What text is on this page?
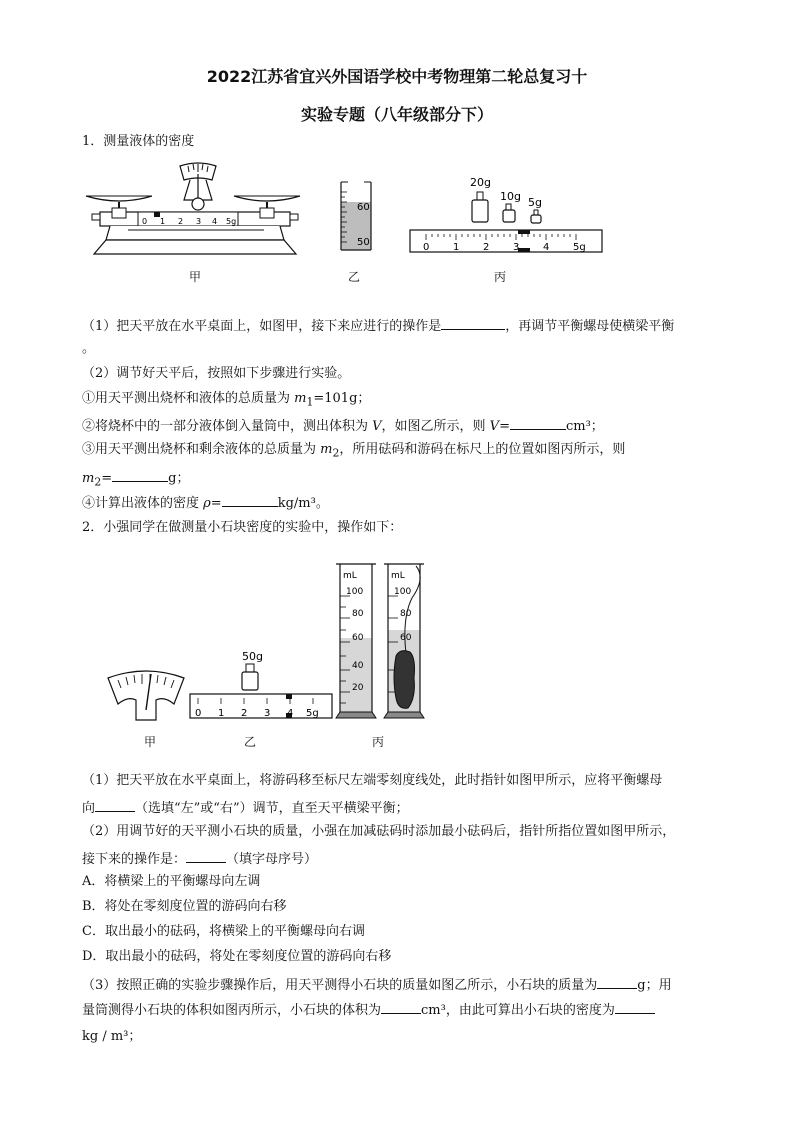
2022江苏省宜兴外国语学校中考物理第二轮总复习十
实验专题（八年级部分下）
1．测量液体的密度
0 1 2 3 4 5g
60
50
20g
10g 5g
0 1 2 3 4 5g
甲	乙	丙
（1）把天平放在水平桌面上，如图甲，接下来应进行的操作是	，再调节平衡螺母使横梁平衡
。
（2）调节好天平后，按照如下步骤进行实验。
①用天平测出烧杯和液体的总质量为 $m_1=101g$；
②将烧杯中的一部分液体倒入量筒中，测出体积为 V，如图乙所示，则 V=	cm³；
③用天平测出烧杯和剩余液体的总质量为 $m_2$，所用砝码和游码在标尺上的位置如图丙所示，则
$m_2=$	g；
④计算出液体的密度 ρ=	kg/m³。
2．小强同学在做测量小石块密度的实验中，操作如下：
50g
0 1 2 3 4 5g
mL
100
80
60
40
20
mL
100
80
60
甲	乙	丙
（1）把天平放在水平桌面上，将游码移至标尺左端零刻度线处，此时指针如图甲所示，应将平衡螺母
向	（选填“左”或“右”）调节，直至天平横梁平衡；
（2）用调节好的天平测小石块的质量，小强在加减砝码时添加最小砝码后，指针所指位置如图甲所示，
接下来的操作是：	（填字母序号）
A．将横梁上的平衡螺母向左调
B．将处在零刻度位置的游码向右移
C．取出最小的砝码，将横梁上的平衡螺母向右调
D．取出最小的砝码，将处在零刻度位置的游码向右移
（3）按照正确的实验步骤操作后，用天平测得小石块的质量如图乙所示，小石块的质量为	g；用
量筒测得小石块的体积如图丙所示，小石块的体积为	cm³，由此可算出小石块的密度为
kg / m³；
